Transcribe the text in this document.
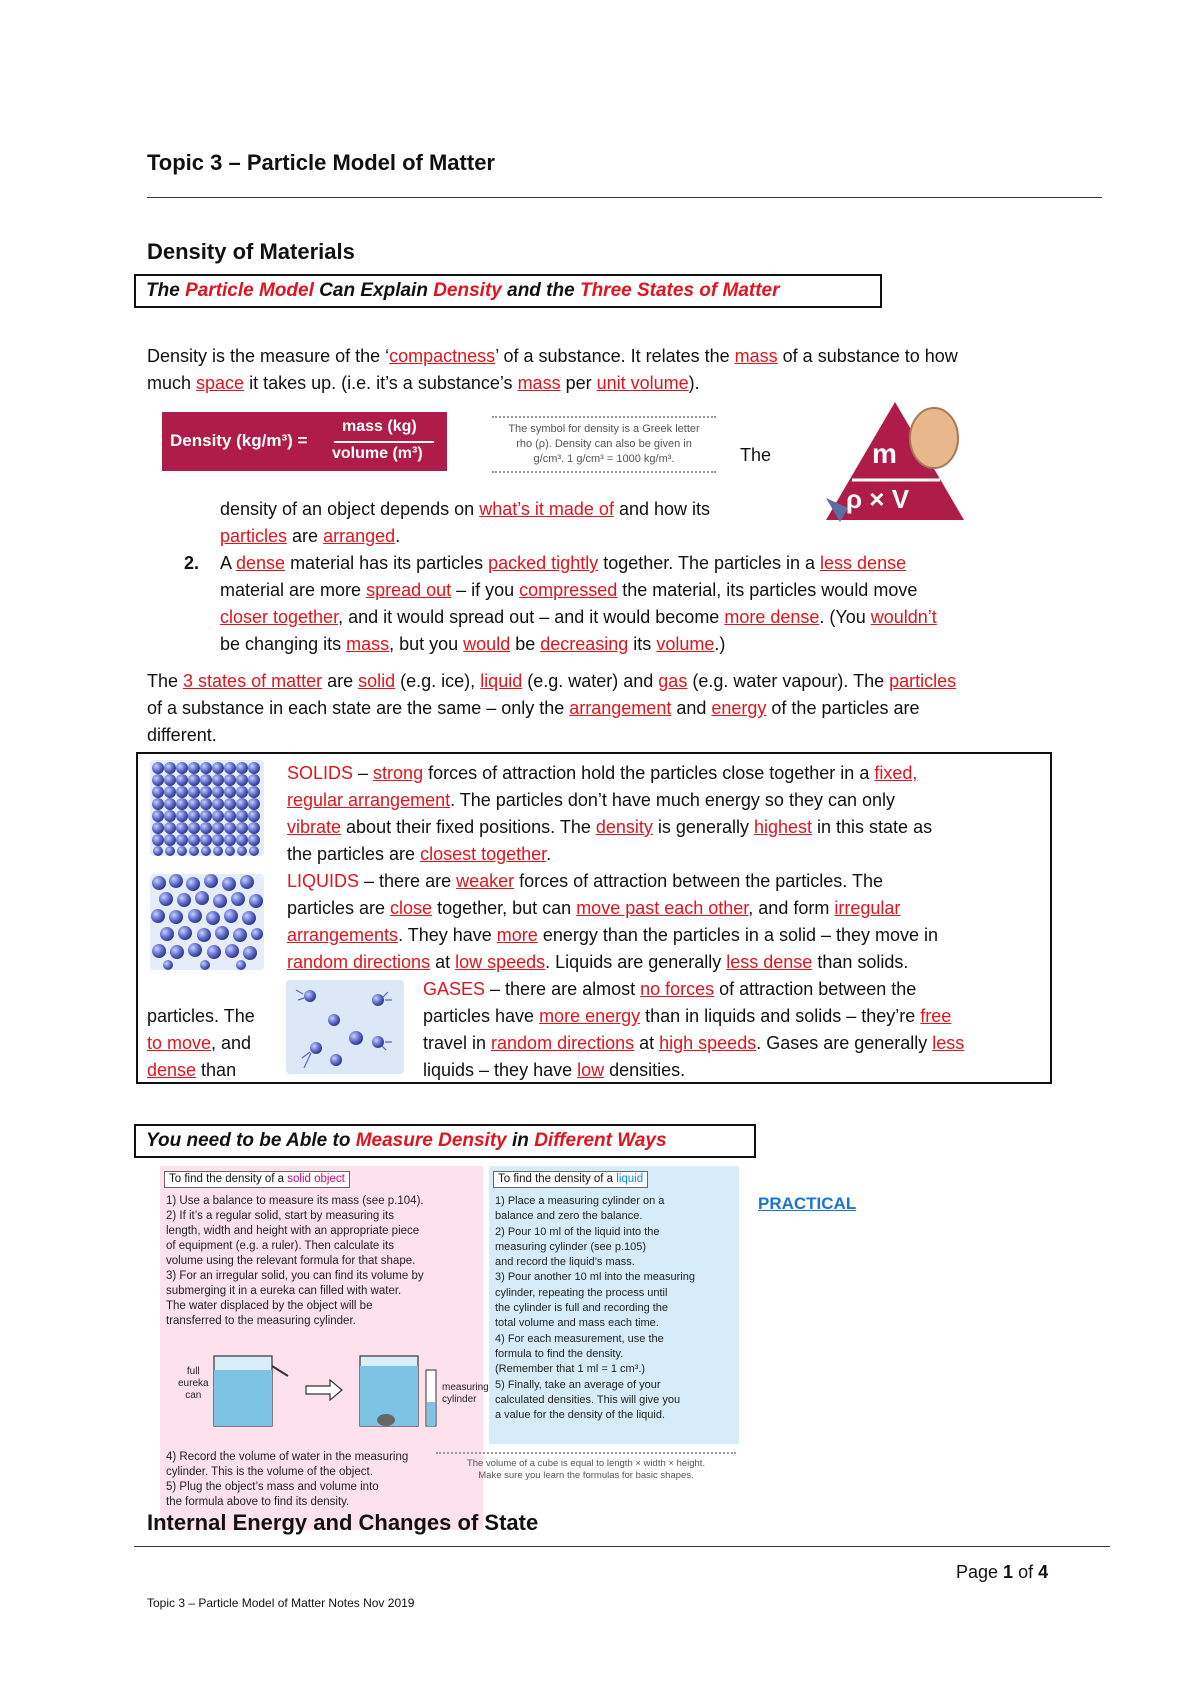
Topic 3 – Particle Model of Matter
Density of Materials
The Particle Model Can Explain Density and the Three States of Matter
Density is the measure of the ‘compactness’ of a substance. It relates the mass of a substance to how
much space it takes up. (i.e. it’s a substance’s mass per unit volume).
Density (kg/m³) =
mass (kg)
volume (m³)
The symbol for density is a Greek letter
rho (ρ). Density can also be given in
g/cm³. 1 g/cm³ = 1000 kg/m³.	The	m
ρ × V
density of an object depends on what’s it made of and how its
particles are arranged.
2. A dense material has its particles packed tightly together. The particles in a less dense
material are more spread out – if you compressed the material, its particles would move
closer together, and it would spread out – and it would become more dense. (You wouldn’t
be changing its mass, but you would be decreasing its volume.)
The 3 states of matter are solid (e.g. ice), liquid (e.g. water) and gas (e.g. water vapour). The particles
of a substance in each state are the same – only the arrangement and energy of the particles are
different.
SOLIDS – strong forces of attraction hold the particles close together in a fixed,
regular arrangement. The particles don’t have much energy so they can only
vibrate about their fixed positions. The density is generally highest in this state as
the particles are closest together.
LIQUIDS – there are weaker forces of attraction between the particles. The
particles are close together, but can move past each other, and form irregular
arrangements. They have more energy than the particles in a solid – they move in
random directions at low speeds. Liquids are generally less dense than solids.
GASES – there are almost no forces of attraction between the
particles have more energy than in liquids and solids – they’re free
travel in random directions at high speeds. Gases are generally less
liquids – they have low densities.
particles. The
to move, and
dense than
You need to be Able to Measure Density in Different Ways
PRACTICAL
To find the density of a solid object
1) Use a balance to measure its mass (see p.104).
2) If it’s a regular solid, start by measuring its
length, width and height with an appropriate piece
of equipment (e.g. a ruler). Then calculate its
volume using the relevant formula for that shape.
3) For an irregular solid, you can find its volume by
submerging it in a eureka can filled with water.
The water displaced by the object will be
transferred to the measuring cylinder.
full
eureka
can
measuring
cylinder
4) Record the volume of water in the measuring
cylinder. This is the volume of the object.
5) Plug the object’s mass and volume into
the formula above to find its density.
To find the density of a liquid
1) Place a measuring cylinder on a
balance and zero the balance.
2) Pour 10 ml of the liquid into the
measuring cylinder (see p.105)
and record the liquid’s mass.
3) Pour another 10 ml into the measuring
cylinder, repeating the process until
the cylinder is full and recording the
total volume and mass each time.
4) For each measurement, use the
formula to find the density.
(Remember that 1 ml = 1 cm³.)
5) Finally, take an average of your
calculated densities. This will give you
a value for the density of the liquid.
The volume of a cube is equal to length × width × height.
Make sure you learn the formulas for basic shapes.
Internal Energy and Changes of State
Page 1 of 4
Topic 3 – Particle Model of Matter Notes Nov 2019
